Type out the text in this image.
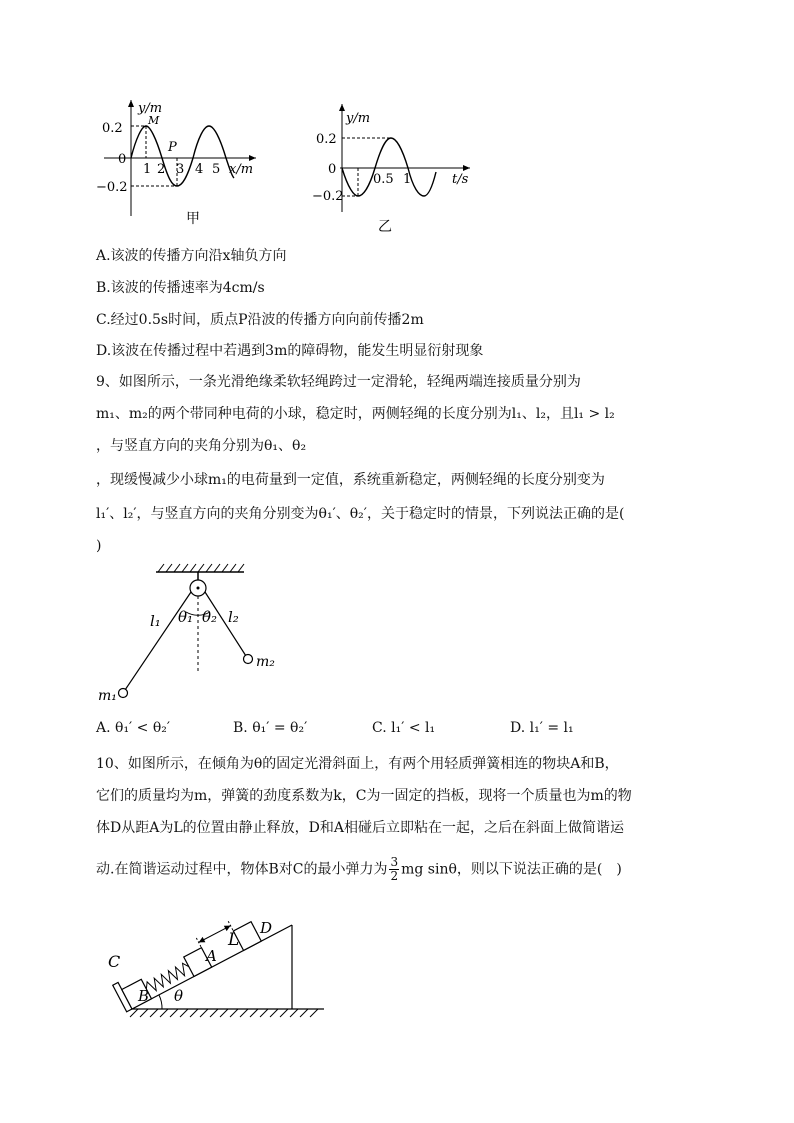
y/m
M
P
0.2
0
−0.2
1 2 3 4 5 x/m
甲
y/m
0.2
0
−0.2
0.5 1	t/s
乙
A.该波的传播方向沿x轴负方向
B.该波的传播速率为4cm/s
C.经过0.5s时间，质点P沿波的传播方向向前传播2m
D.该波在传播过程中若遇到3m的障碍物，能发生明显衍射现象
9、如图所示，一条光滑绝缘柔软轻绳跨过一定滑轮，轻绳两端连接质量分别为
m₁、m₂的两个带同种电荷的小球，稳定时，两侧轻绳的长度分别为l₁、l₂，且l₁ > l₂
，与竖直方向的夹角分别为θ₁、θ₂
，现缓慢减少小球m₁的电荷量到一定值，系统重新稳定，两侧轻绳的长度分别变为
l₁′、l₂′，与竖直方向的夹角分别变为θ₁′、θ₂′，关于稳定时的情景，下列说法正确的是(
)
l₁ θ₁ θ₂ l₂
m₂
m₁
A. θ₁′ < θ₂′	B. θ₁′ = θ₂′	C. l₁′ < l₁	D. l₁′ = l₁
10、如图所示，在倾角为θ的固定光滑斜面上，有两个用轻质弹簧相连的物块A和B，
它们的质量均为m，弹簧的劲度系数为k，C为一固定的挡板，现将一个质量也为m的物
体D从距A为L的位置由静止释放，D和A相碰后立即粘在一起，之后在斜面上做简谐运
动.在简谐运动过程中，物体B对C的最小弹力为 $\frac{3}{2}$ mg sinθ，则以下说法正确的是(　)
C
B θ
A
L
D
